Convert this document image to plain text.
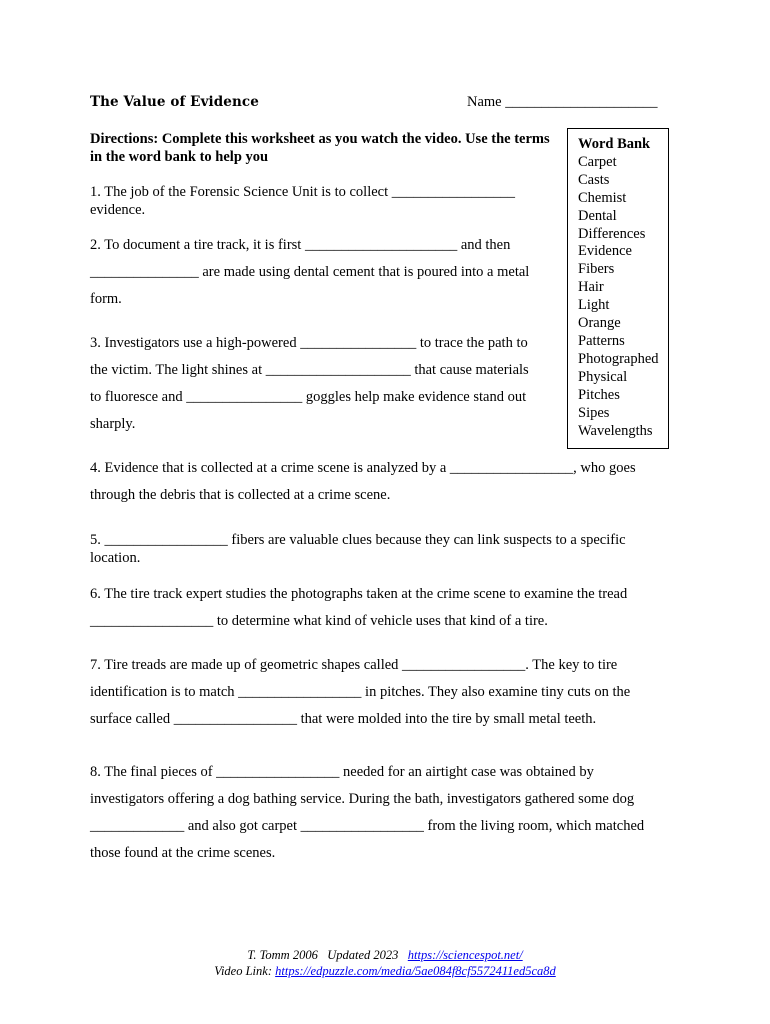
The Value of Evidence	Name _____________________
Directions: Complete this worksheet as you watch the video. Use the terms in the word bank to help you
Word Bank
Carpet
Casts
Chemist
Dental
Differences
Evidence
Fibers
Hair
Light
Orange
Patterns
Photographed
Physical
Pitches
Sipes
Wavelengths
1. The job of the Forensic Science Unit is to collect _________________
evidence.
2. To document a tire track, it is first _____________________ and then
_______________ are made using dental cement that is poured into a metal
form.
3. Investigators use a high-powered ________________ to trace the path to
the victim. The light shines at ____________________ that cause materials
to fluoresce and ________________ goggles help make evidence stand out
sharply.
4. Evidence that is collected at a crime scene is analyzed by a _________________, who goes
through the debris that is collected at a crime scene.
5. _________________ fibers are valuable clues because they can link suspects to a specific
location.
6. The tire track expert studies the photographs taken at the crime scene to examine the tread
_________________ to determine what kind of vehicle uses that kind of a tire.
7. Tire treads are made up of geometric shapes called _________________. The key to tire
identification is to match _________________ in pitches. They also examine tiny cuts on the
surface called _________________ that were molded into the tire by small metal teeth.
8. The final pieces of _________________ needed for an airtight case was obtained by
investigators offering a dog bathing service. During the bath, investigators gathered some dog
_____________ and also got carpet _________________ from the living room, which matched
those found at the crime scenes.
T. Tomm 2006   Updated 2023   https://sciencespot.net/
Video Link: https://edpuzzle.com/media/5ae084f8cf5572411ed5ca8d
